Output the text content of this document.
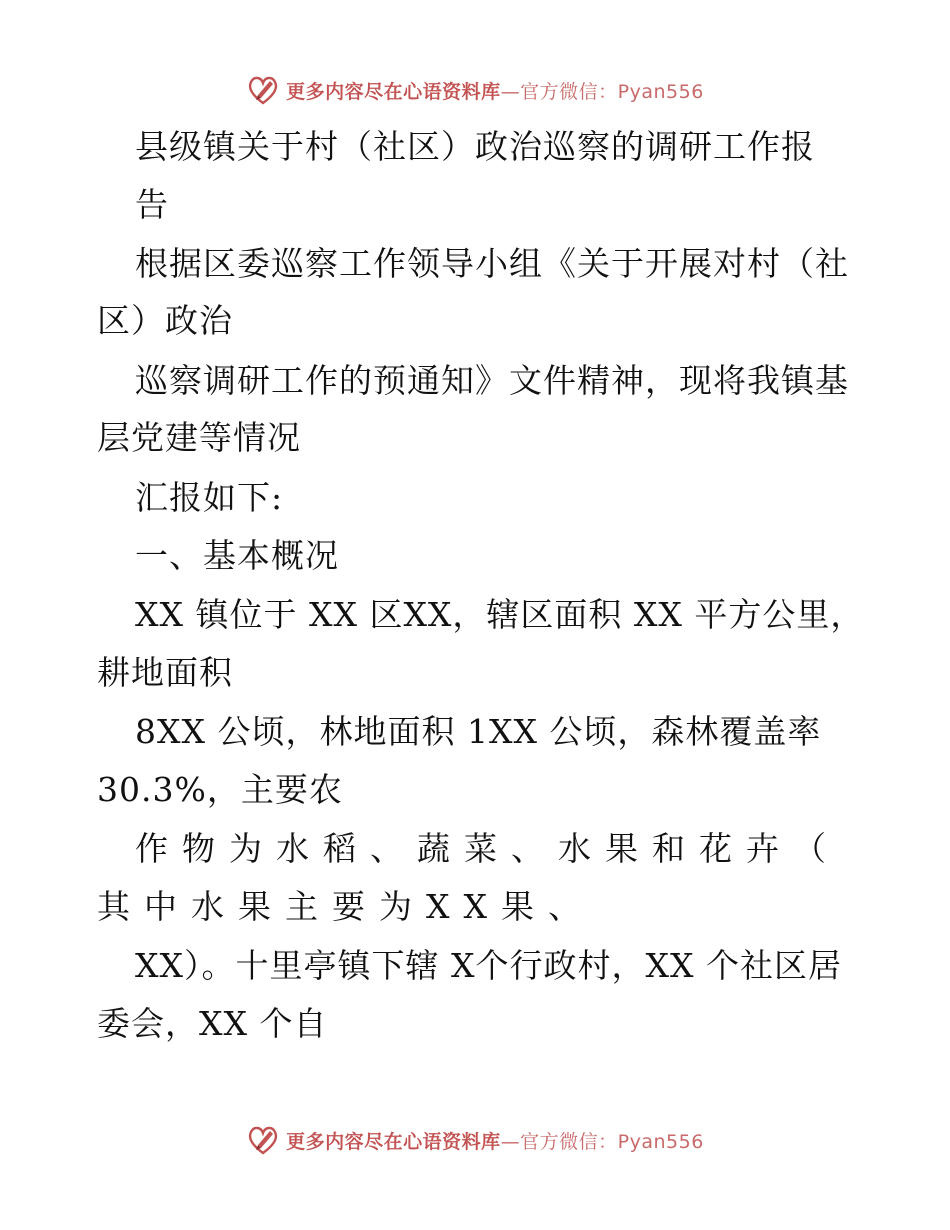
更多内容尽在心语资料库—官方微信：Pyan556
县级镇关于村（社区）政治巡察的调研工作报
告
根据区委巡察工作领导小组《关于开展对村（社
区）政治
巡察调研工作的预通知》文件精神，现将我镇基
层党建等情况
汇报如下:
一、基本概况
XX 镇位于 XX 区XX，辖区面积 XX 平方公里，
耕地面积
8XX 公顷，林地面积 1XX 公顷，森林覆盖率
30.3%，主要农
作物为水稻、蔬菜、水果和花卉（
其中水果主要为XX果、
XX）。十里亭镇下辖 X个行政村，XX 个社区居
委会，XX 个自
更多内容尽在心语资料库—官方微信：Pyan556
